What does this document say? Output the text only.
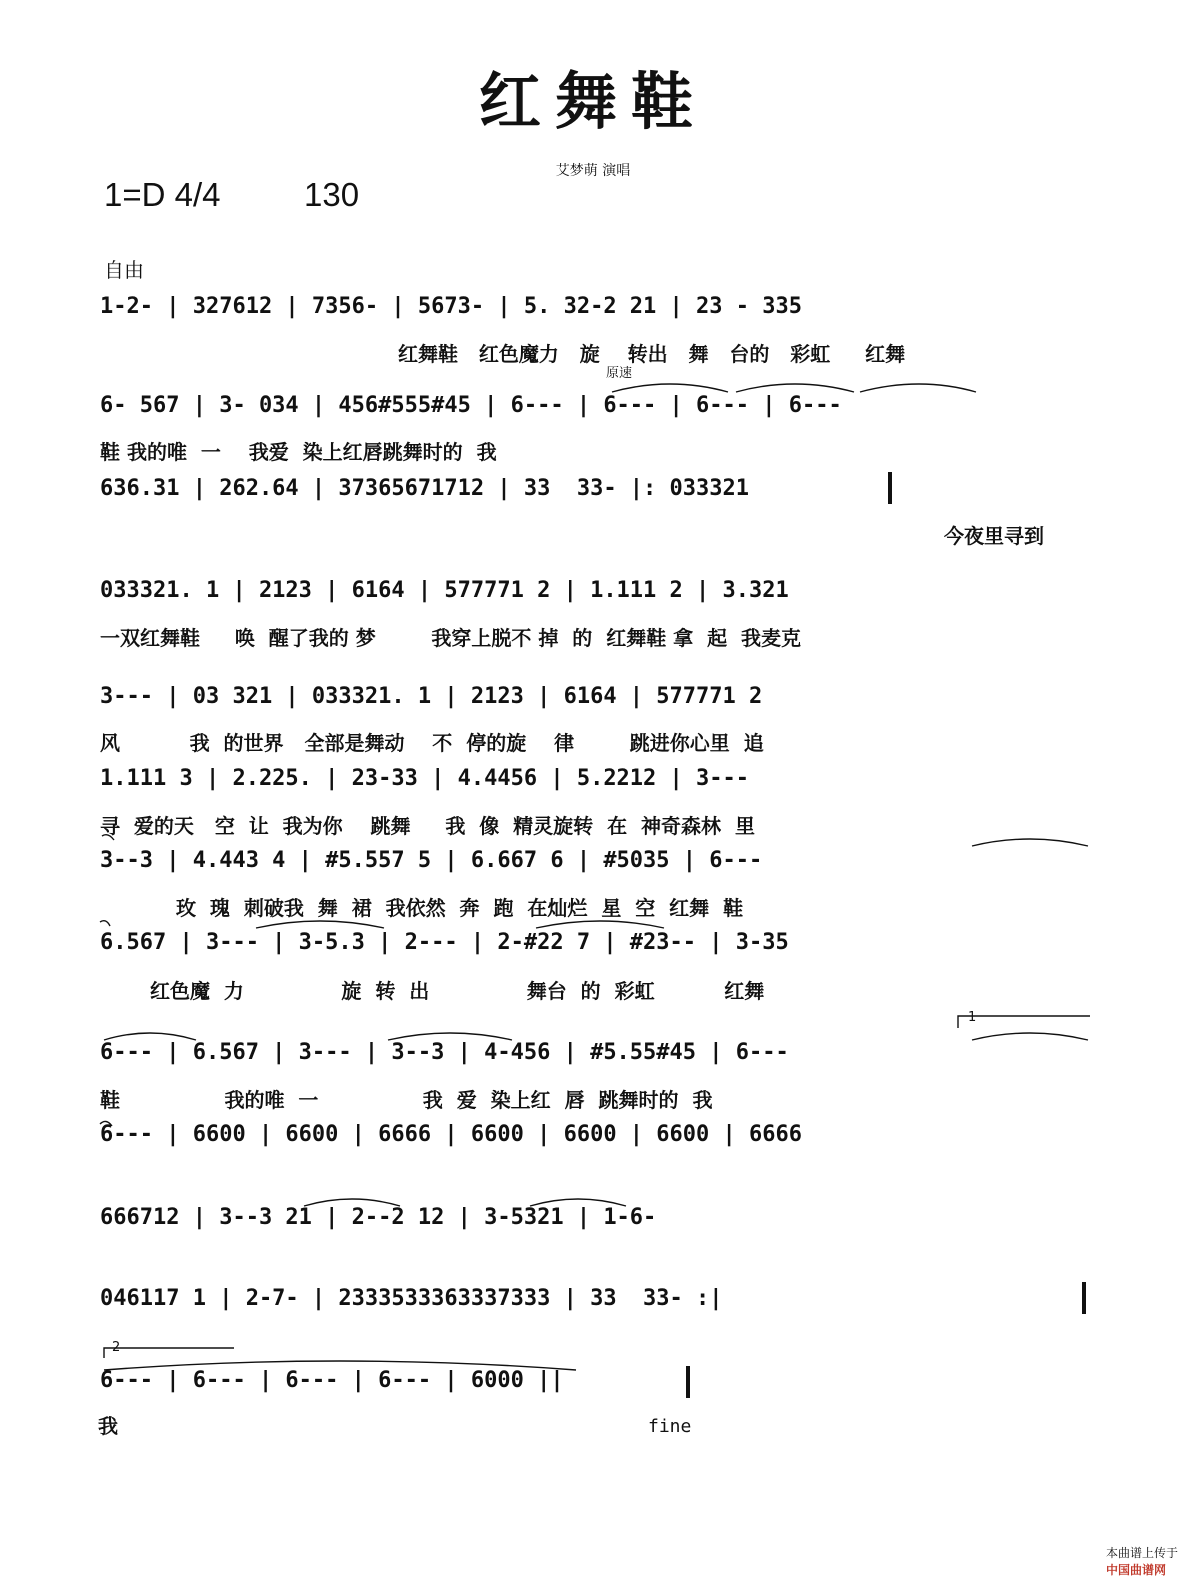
红舞鞋
艾梦萌 演唱
1=D 4/4	130
自由
原速
1-2- | 327612 | 7356- | 5673- | 5. 32-2 21 | 23 - 335
红舞鞋   红色魔力   旋    转出   舞   台的   彩虹     红舞
6- 567 | 3- 034 | 456#555#45 | 6--- | 6--- | 6--- | 6---
鞋 我的唯  一    我爱  染上红唇跳舞时的  我
636.31 | 262.64 | 37365671712 | 33  33- |: 033321
今夜里寻到
033321. 1 | 2123 | 6164 | 577771 2 | 1.111 2 | 3.321
一双红舞鞋     唤  醒了我的 梦        我穿上脱不 掉  的  红舞鞋 拿  起  我麦克
3--- | 03 321 | 033321. 1 | 2123 | 6164 | 577771 2
风          我  的世界   全部是舞动    不  停的旋    律        跳进你心里  追
1.111 3 | 2.225. | 23-33 | 4.4456 | 5.2212 | 3---
寻  爱的天   空  让  我为你    跳舞     我  像  精灵旋转  在  神奇森林  里
3--3 | 4.443 4 | #5.557 5 | 6.667 6 | #5035 | 6---
玫  瑰  刺破我  舞  裙  我依然  奔  跑  在灿烂  星  空  红舞  鞋
6.567 | 3--- | 3-5.3 | 2--- | 2-#22 7 | #23-- | 3-35
红色魔  力              旋  转  出              舞台  的  彩虹          红舞
1
6--- | 6.567 | 3--- | 3--3 | 4-456 | #5.55#45 | 6---
鞋               我的唯  一               我  爱  染上红  唇  跳舞时的  我
6--- | 6600 | 6600 | 6666 | 6600 | 6600 | 6600 | 6666
666712 | 3--3 21 | 2--2 12 | 3-5321 | 1-6-
046117 1 | 2-7- | 2333533363337333 | 33  33- :|
2
6--- | 6--- | 6--- | 6--- | 6000 ||
我	fine

本曲谱上传于
中国曲谱网
